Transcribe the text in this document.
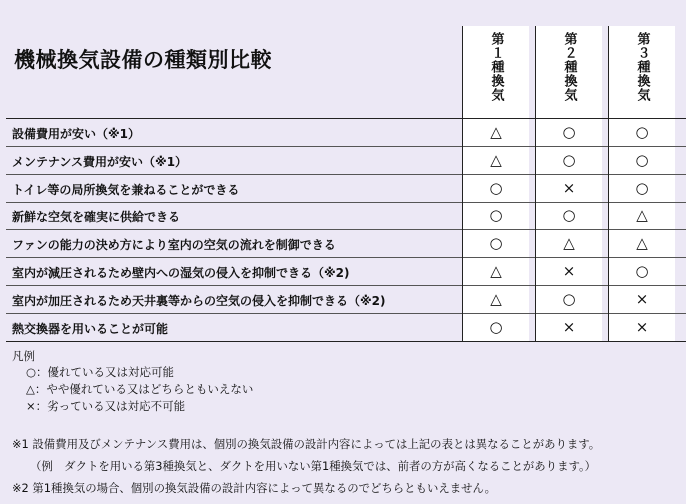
機械換気設備の種類別比較	第１種換気	第２種換気	第３種換気
設備費用が安い（※1）	△	○	○
メンテナンス費用が安い（※1）	△	○	○
トイレ等の局所換気を兼ねることができる	○	×	○
新鮮な空気を確実に供給できる	○	○	△
ファンの能力の決め方により室内の空気の流れを制御できる	○	△	△
室内が減圧されるため壁内への湿気の侵入を抑制できる（※2)	△	×	○
室内が加圧されるため天井裏等からの空気の侵入を抑制できる（※2)	△	○	×
熱交換器を用いることが可能	○	×	×
凡例
○：優れている又は対応可能
△：やや優れている又はどちらともいえない
×：劣っている又は対応不可能
※1 設備費用及びメンテナンス費用は、個別の換気設備の設計内容によっては上記の表とは異なることがあります。
（例　ダクトを用いる第3種換気と、ダクトを用いない第1種換気では、前者の方が高くなることがあります。）
※2 第1種換気の場合、個別の換気設備の設計内容によって異なるのでどちらともいえません。
